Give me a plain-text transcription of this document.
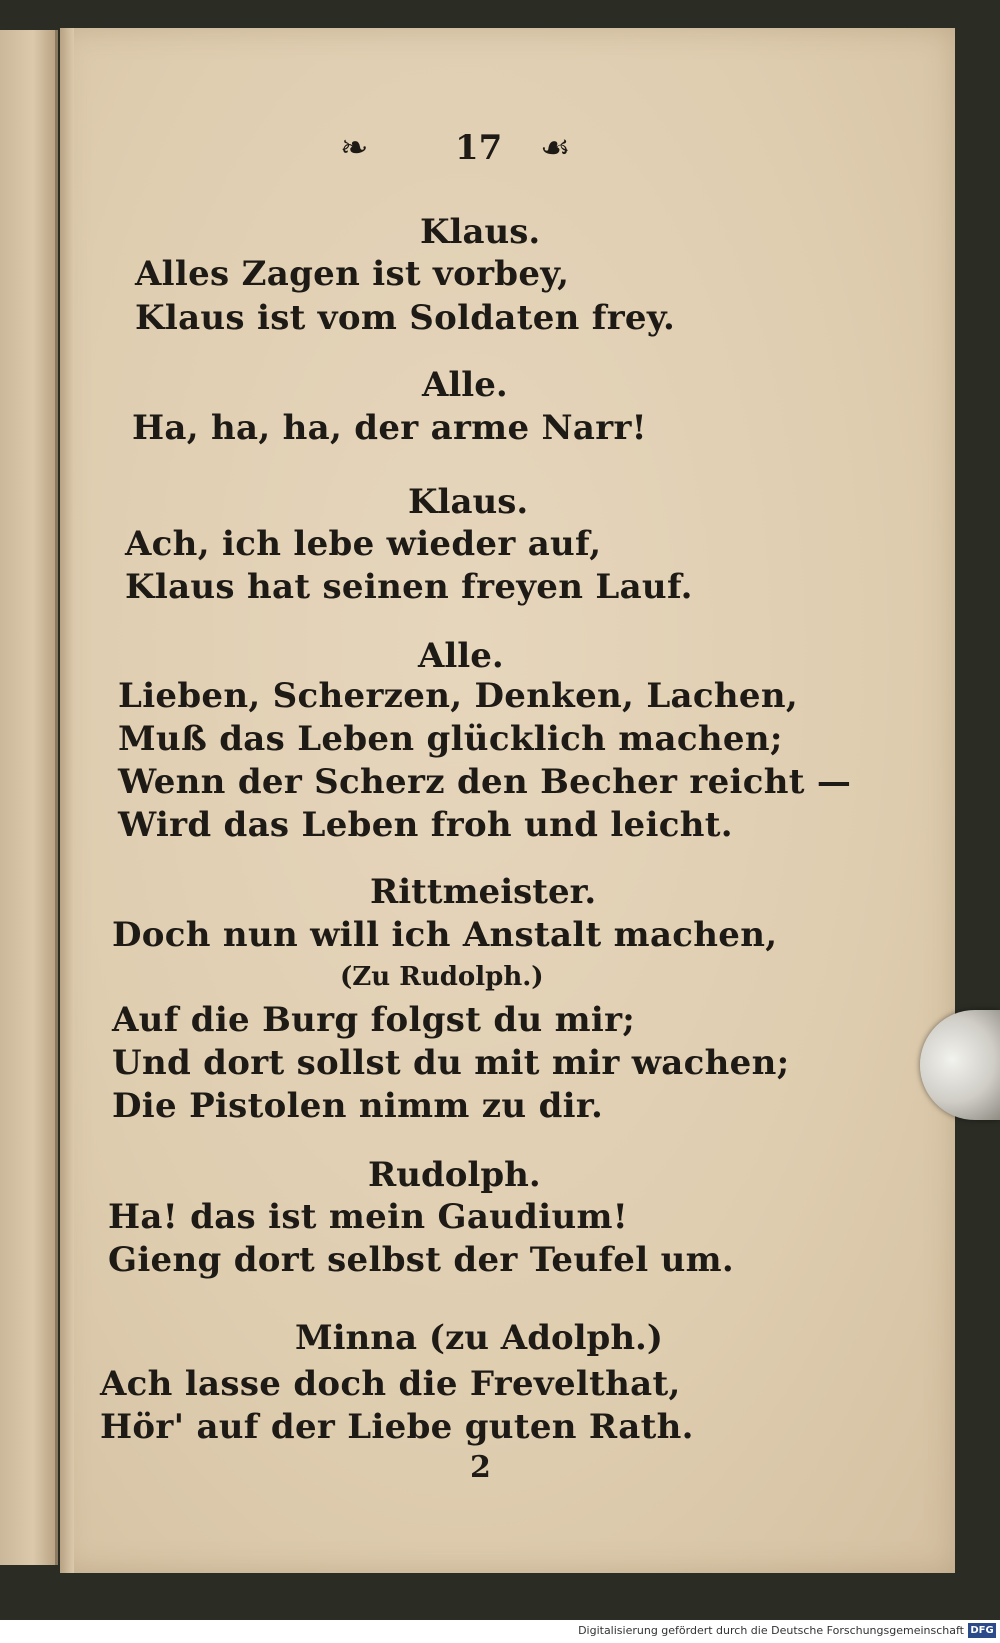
❧	17 ☙
Klaus.
Alles Zagen ist vorbey,
Klaus ist vom Soldaten frey.
Alle.
Ha, ha, ha, der arme Narr!
Klaus.
Ach, ich lebe wieder auf,
Klaus hat seinen freyen Lauf.
Alle.
Lieben, Scherzen, Denken, Lachen,
Muß das Leben glücklich machen;
Wenn der Scherz den Becher reicht —
Wird das Leben froh und leicht.
Rittmeister.
Doch nun will ich Anstalt machen,
(Zu Rudolph.)
Auf die Burg folgst du mir;
Und dort sollst du mit mir wachen;
Die Pistolen nimm zu dir.
Rudolph.
Ha! das ist mein Gaudium!
Gieng dort selbst der Teufel um.
Minna (zu Adolph.)
Ach lasse doch die Frevelthat,
Hör' auf der Liebe guten Rath.
2
Digitalisierung gefördert durch die Deutsche Forschungsgemeinschaft DFG
